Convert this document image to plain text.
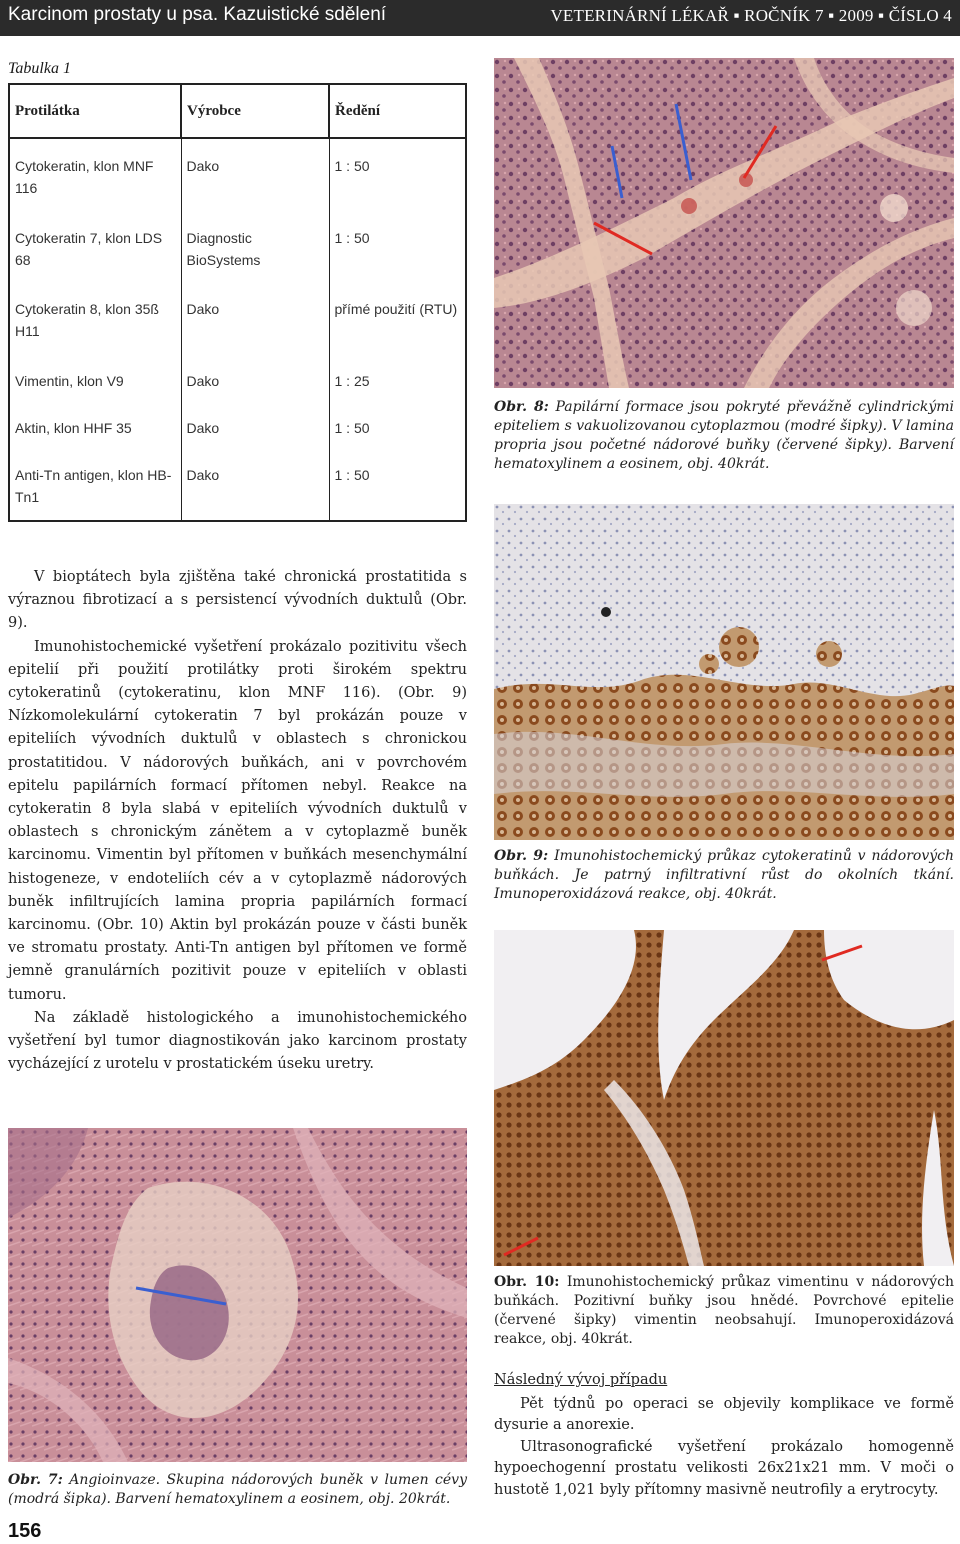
Karcinom prostaty u psa. Kazuistické sdělení	VETERINÁRNÍ LÉKAŘ ▪ ROČNÍK 7 ▪ 2009 ▪ ČÍSLO 4
Tabulka 1
Protilátka	Výrobce	Ředění
Cytokeratin, klon MNF 116	Dako	1 : 50
Cytokeratin 7, klon LDS 68	Diagnostic BioSystems	1 : 50
Cytokeratin 8, klon 35ß H11	Dako	přímé použití (RTU)
Vimentin, klon V9	Dako	1 : 25
Aktin, klon HHF 35	Dako	1 : 50
Anti-Tn antigen, klon HB-Tn1	Dako	1 : 50
Obr. 8: Papilární formace jsou pokryté převážně cylindrickými epiteliem s vakuolizovanou cytoplazmou (modré šipky). V lamina propria jsou početné nádorové buňky (červené šipky). Barvení hematoxylinem a eosinem, obj. 40krát.
Obr. 9: Imunohistochemický průkaz cytokeratinů v nádorových buňkách. Je patrný infiltrativní růst do okolních tkání. Imunoperoxidázová reakce, obj. 40krát.
Obr. 10: Imunohistochemický průkaz vimentinu v nádorových buňkách. Pozitivní buňky jsou hnědé. Povrchové epitelie (červené šipky) vimentin neobsahují. Imunoperoxidázová reakce, obj. 40krát.

V bioptátech byla zjištěna také chronická prostatitida s výraznou fibrotizací a s persistencí vývodních duktulů (Obr. 9).

Imunohistochemické vyšetření prokázalo pozitivitu všech epitelií při použití protilátky proti širokém spektru cytokeratinů (cytokeratinu, klon MNF 116). (Obr. 9) Nízkomolekulární cytokeratin 7 byl prokázán pouze v epiteliích vývodních duktulů v oblastech s chronickou prostatitidou. V nádorových buňkách, ani v povrchovém epitelu papilárních formací přítomen nebyl. Reakce na cytokeratin 8 byla slabá v epiteliích vývodních duktulů v oblastech s chronickým zánětem a v cytoplazmě buněk karcinomu. Vimentin byl přítomen v buňkách mesenchymální histogeneze, v endoteliích cév a v cytoplazmě nádorových buněk infiltrujících lamina propria papilárních formací karcinomu. (Obr. 10) Aktin byl prokázán pouze v části buněk ve stromatu prostaty. Anti-Tn antigen byl přítomen ve formě jemně granulárních pozitivit pouze v epiteliích v oblasti tumoru.

Na základě histologického a imunohistochemického vyšetření byl tumor diagnostikován jako karcinom prostaty vycházející z urotelu v prostatickém úseku uretry.

Obr. 7: Angioinvaze. Skupina nádorových buněk v lumen cévy (modrá šipka). Barvení hematoxylinem a eosinem, obj. 20krát.
Následný vývoj případu

Pět týdnů po operaci se objevily komplikace ve formě dysurie a anorexie.

Ultrasonografické vyšetření prokázalo homogenně hypoechogenní prostatu velikosti 26x21x21 mm. V moči o hustotě 1,021 byly přítomny masivně neutrofily a erytrocyty.

156
